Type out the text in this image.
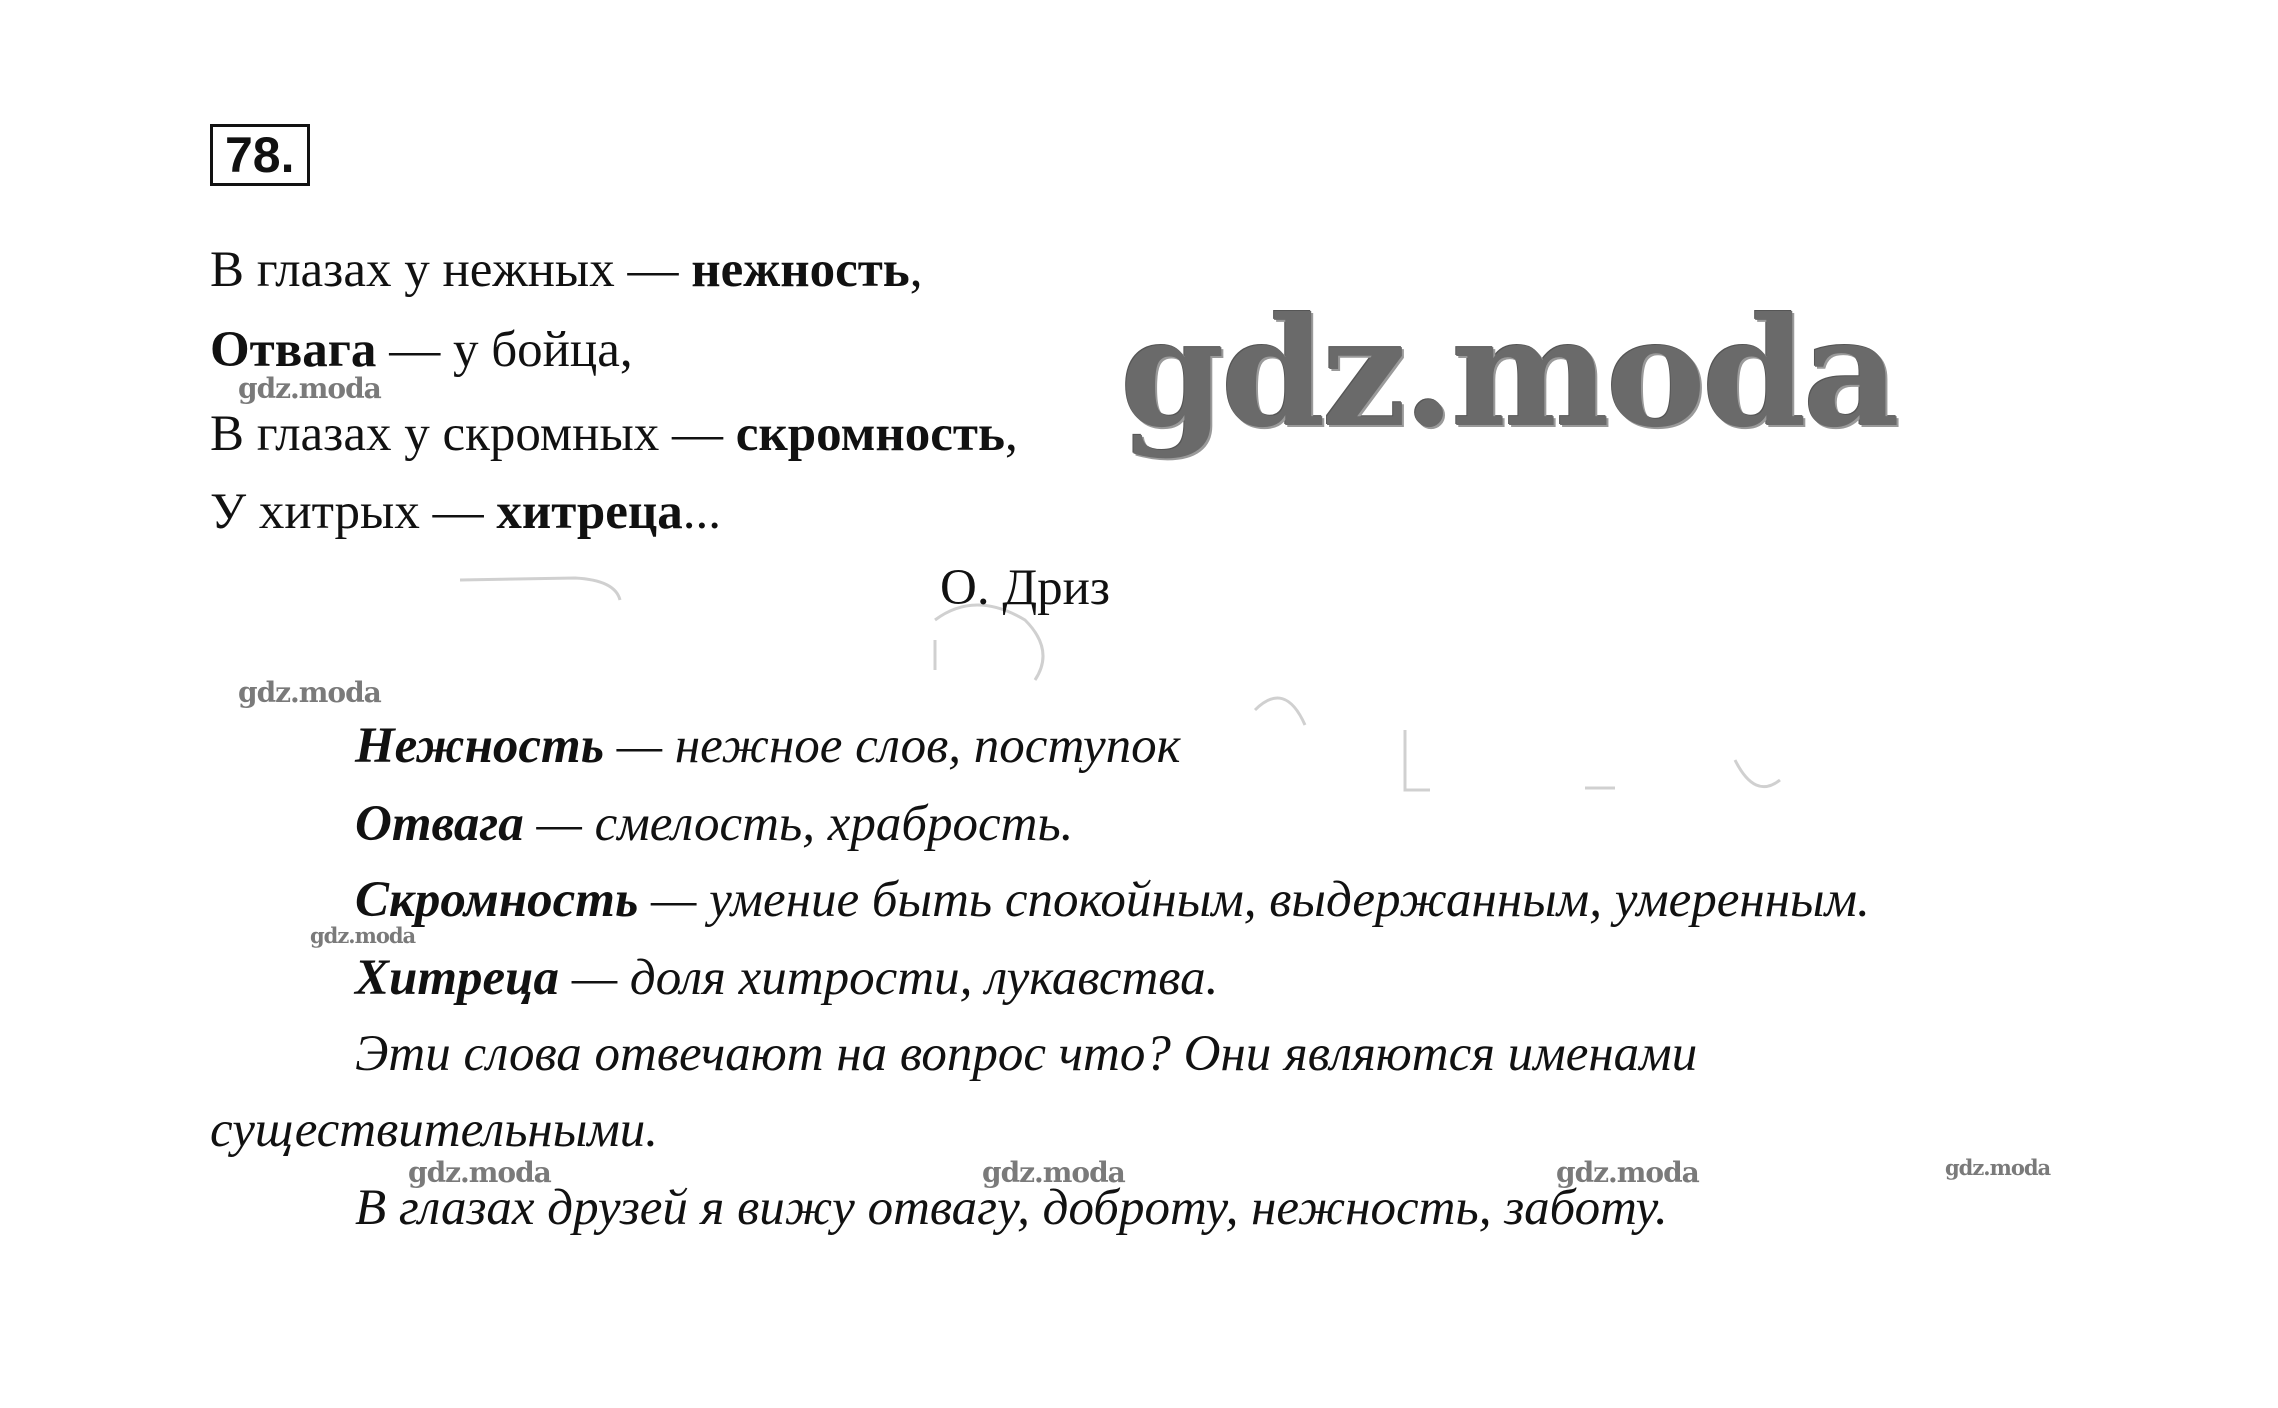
78.
В глазах у нежных — нежность,
Отвага — у бойца,
В глазах у скромных — скромность,
У хитрых — хитреца...
О. Дриз
Нежность — нежное слов, поступок
Отвага — смелость, храбрость.
Скромность — умение быть спокойным, выдержанным, умеренным.
Хитреца — доля хитрости, лукавства.
Эти слова отвечают на вопрос что? Они являются именами
существительными.
В глазах друзей я вижу отвагу, доброту, нежность, заботу.
gdz.moda
gdz.moda
gdz.moda
gdz.moda
gdz.moda	gdz.moda	gdz.moda	gdz.moda
